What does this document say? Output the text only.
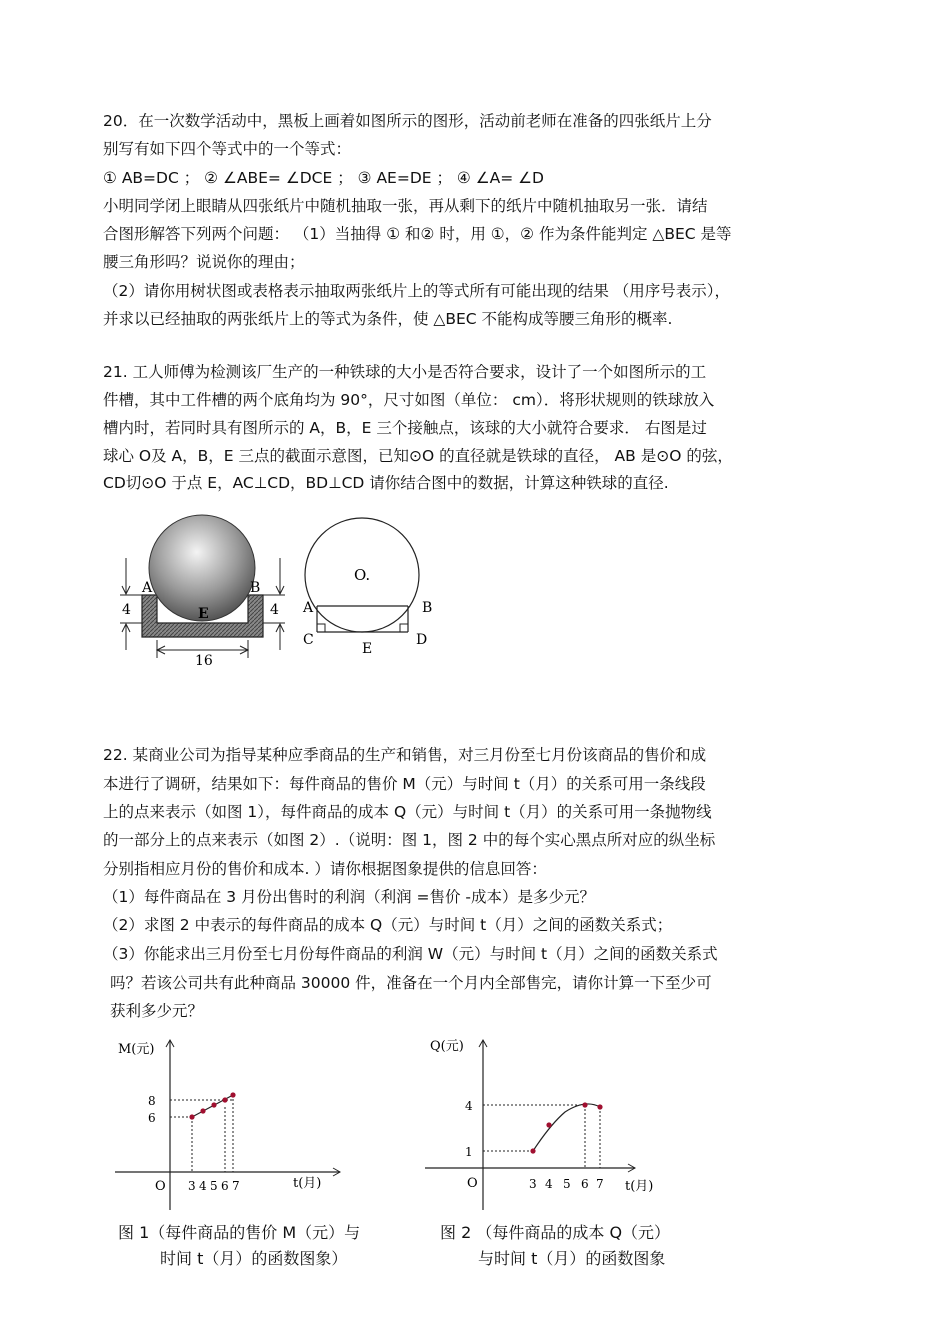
20．在一次数学活动中，黑板上画着如图所示的图形，活动前老师在准备的四张纸片上分
别写有如下四个等式中的一个等式：
① AB=DC ； ② ∠ABE= ∠DCE ； ③ AE=DE ； ④ ∠A= ∠D
小明同学闭上眼睛从四张纸片中随机抽取一张，再从剩下的纸片中随机抽取另一张．请结
合图形解答下列两个问题： （1）当抽得 ① 和② 时，用 ①，② 作为条件能判定 △BEC 是等
腰三角形吗？说说你的理由；
（2）请你用树状图或表格表示抽取两张纸片上的等式所有可能出现的结果 （用序号表示），
并求以已经抽取的两张纸片上的等式为条件，使 △BEC 不能构成等腰三角形的概率.
21. 工人师傅为检测该厂生产的一种铁球的大小是否符合要求，设计了一个如图所示的工
件槽，其中工件槽的两个底角均为 90°，尺寸如图（单位： cm）．将形状规则的铁球放入
槽内时，若同时具有图所示的 A，B，E 三个接触点，该球的大小就符合要求． 右图是过
球心 O及 A，B，E 三点的截面示意图，已知⊙O 的直径就是铁球的直径， AB 是⊙O 的弦，
CD切⊙O 于点 E，AC⊥CD，BD⊥CD 请你结合图中的数据，计算这种铁球的直径.
A	B
E
4	4
16
O.
A	B
C	D
E
22. 某商业公司为指导某种应季商品的生产和销售，对三月份至七月份该商品的售价和成
本进行了调研，结果如下：每件商品的售价 M（元）与时间 t（月）的关系可用一条线段
上的点来表示（如图 1），每件商品的成本 Q（元）与时间 t（月）的关系可用一条抛物线
的一部分上的点来表示（如图 2）.（说明：图 1，图 2 中的每个实心黑点所对应的纵坐标
分别指相应月份的售价和成本. ）请你根据图象提供的信息回答：
（1）每件商品在 3 月份出售时的利润（利润 =售价 -成本）是多少元？
（2）求图 2 中表示的每件商品的成本 Q（元）与时间 t（月）之间的函数关系式；
（3）你能求出三月份至七月份每件商品的利润 W（元）与时间 t（月）之间的函数关系式
吗？若该公司共有此种商品 30000 件，准备在一个月内全部售完，请你计算一下至少可
获利多少元？
M(元)
t(月)
O
8
6
3 4 5 6 7
图 1（每件商品的售价 M（元）与
时间 t（月）的函数图象）
Q(元)
t(月)
O
4
1
3 4 5 6 7
图 2 （每件商品的成本 Q（元）
与时间 t（月）的函数图象
